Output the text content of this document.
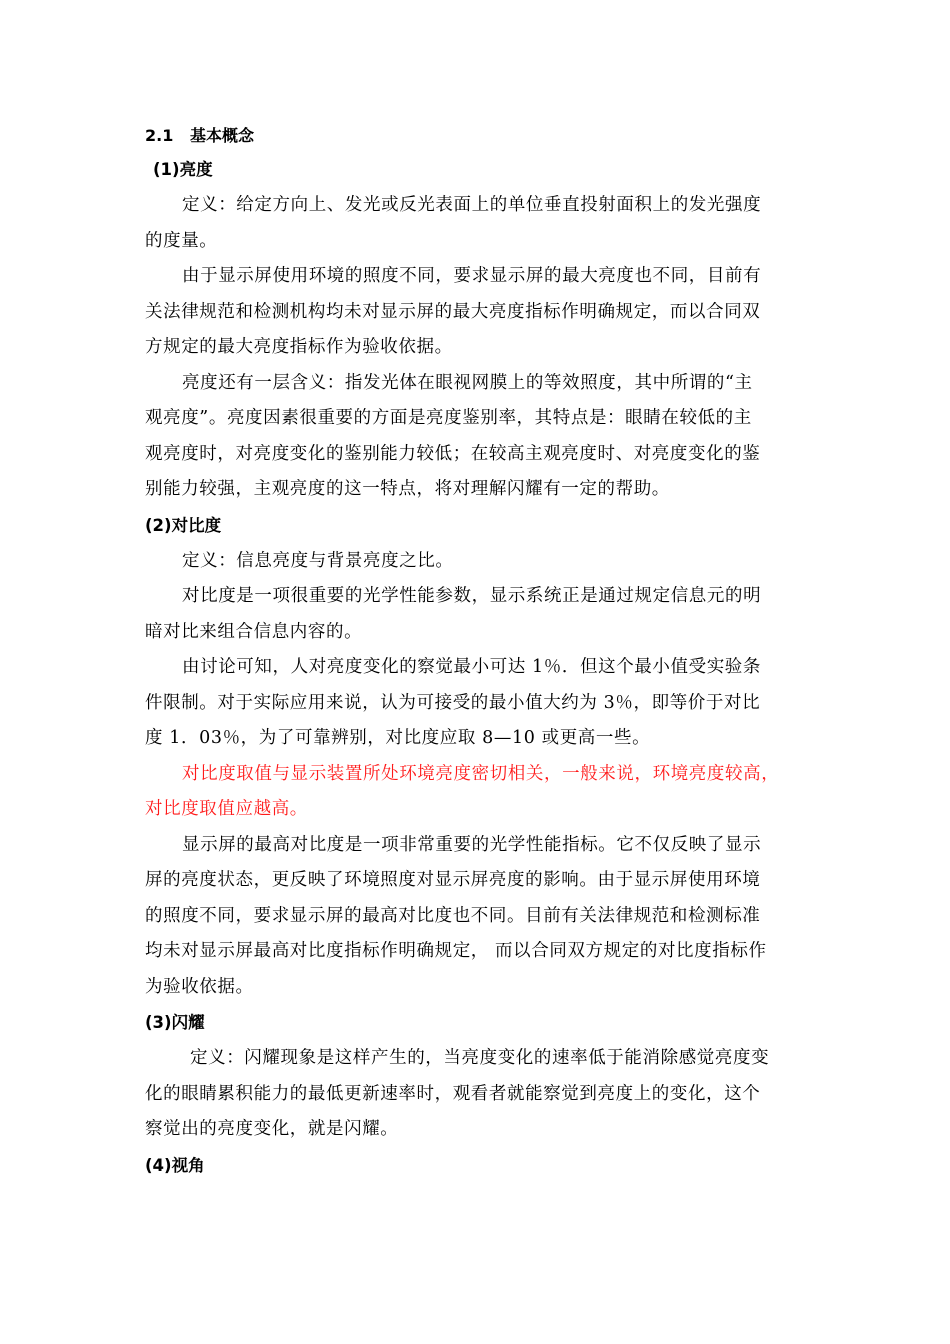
2.1 基本概念
(1)亮度

定义：给定方向上、发光或反光表面上的单位垂直投射面积上的发光强度
的度量。

由于显示屏使用环境的照度不同，要求显示屏的最大亮度也不同，目前有
关法律规范和检测机构均未对显示屏的最大亮度指标作明确规定，而以合同双
方规定的最大亮度指标作为验收依据。

亮度还有一层含义：指发光体在眼视网膜上的等效照度，其中所谓的“主
观亮度”。亮度因素很重要的方面是亮度鉴别率，其特点是：眼睛在较低的主
观亮度时，对亮度变化的鉴别能力较低；在较高主观亮度时、对亮度变化的鉴
别能力较强，主观亮度的这一特点，将对理解闪耀有一定的帮助。

(2)对比度

定义：信息亮度与背景亮度之比。

对比度是一项很重要的光学性能参数，显示系统正是通过规定信息元的明
暗对比来组合信息内容的。

由讨论可知，人对亮度变化的察觉最小可达 1％．但这个最小值受实验条
件限制。对于实际应用来说，认为可接受的最小值大约为 3％，即等价于对比
度 1．03％，为了可靠辨别，对比度应取 8—10 或更高一些。

对比度取值与显示装置所处环境亮度密切相关，一般来说，环境亮度较高，
对比度取值应越高。

显示屏的最高对比度是一项非常重要的光学性能指标。它不仅反映了显示
屏的亮度状态，更反映了环境照度对显示屏亮度的影响。由于显示屏使用环境
的照度不同，要求显示屏的最高对比度也不同。目前有关法律规范和检测标准
均未对显示屏最高对比度指标作明确规定， 而以合同双方规定的对比度指标作
为验收依据。

(3)闪耀

定义：闪耀现象是这样产生的，当亮度变化的速率低于能消除感觉亮度变
化的眼睛累积能力的最低更新速率时，观看者就能察觉到亮度上的变化，这个
察觉出的亮度变化，就是闪耀。

(4)视角
